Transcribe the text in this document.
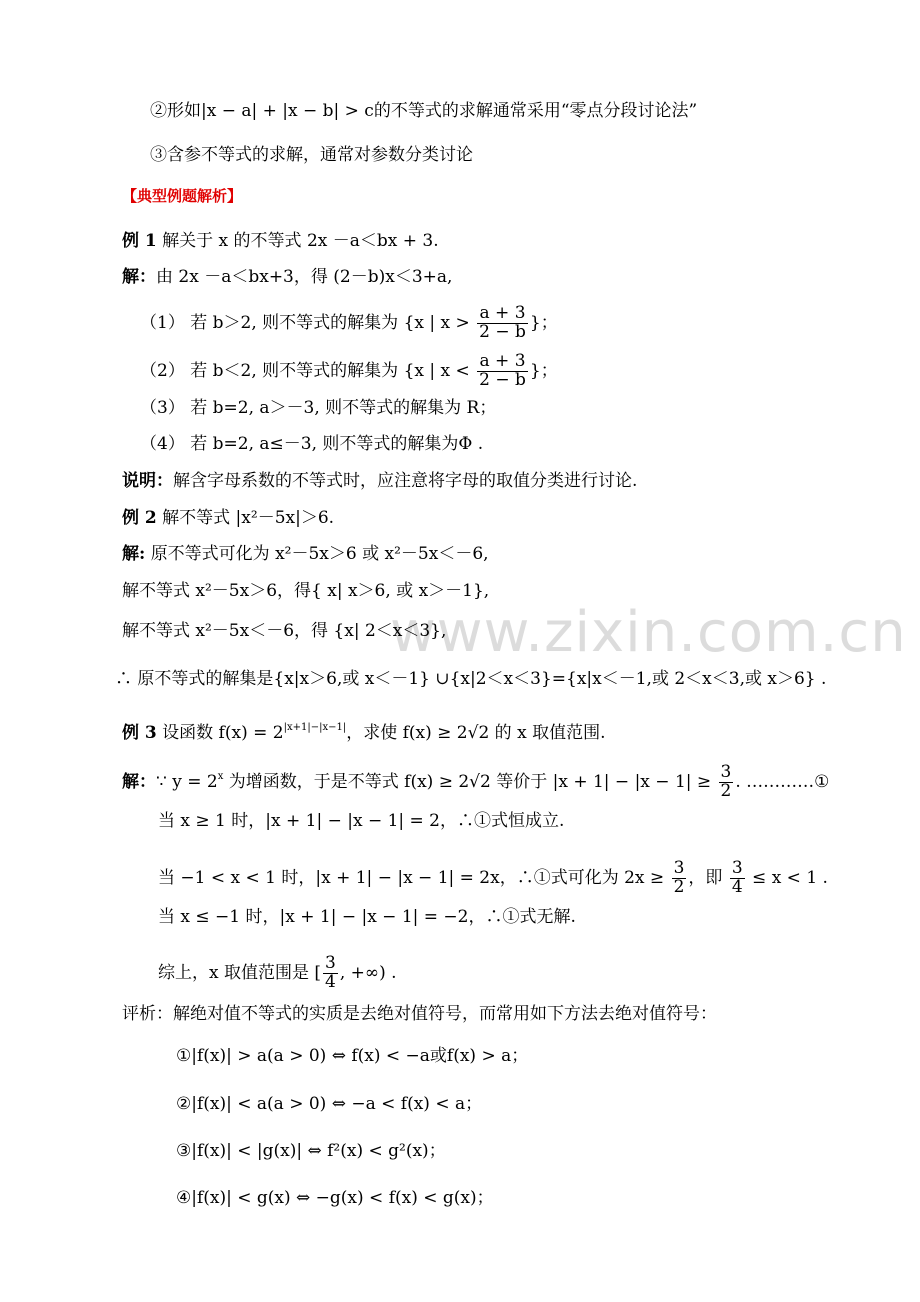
www.zixin.com.cn

②形如|x − a| + |x − b| > c的不等式的求解通常采用“零点分段讨论法”

③含参不等式的求解，通常对参数分类讨论

【典型例题解析】

例 1 解关于 x 的不等式 2x －a＜bx + 3.

解：由 2x －a＜bx+3，得 (2－b)x＜3+a,

（1） 若 b＞2, 则不等式的解集为 {x | $x > \frac{a + 3}{2 - b}$ }；

（2） 若 b＜2, 则不等式的解集为 {x | $x < \frac{a + 3}{2 - b}$ }；

（3） 若 b=2, a＞－3, 则不等式的解集为 R；

（4） 若 b=2, a≤－3, 则不等式的解集为Φ .

说明：解含字母系数的不等式时，应注意将字母的取值分类进行讨论.

例 2 解不等式 |x²－5x|＞6.

解: 原不等式可化为 x²－5x＞6 或 x²－5x＜－6,

解不等式 x²－5x＞6，得{ x| x＞6, 或 x＞－1},

解不等式 x²－5x＜－6，得 {x| 2＜x＜3},

∴ 原不等式的解集是{x|x＞6,或 x＜－1} ∪{x|2＜x＜3}={x|x＜－1,或 2＜x＜3,或 x＞6} .

例 3 设函数 $f(x) = 2^{|x+1|-|x-1|}$，求使 f(x) ≥ 2√2 的 x 取值范围.

解：∵ $y = 2^x$ 为增函数，于是不等式 f(x) ≥ 2√2 等价于 $|x + 1| - |x - 1| \ge \frac{3}{2}$ . …………①

当 x ≥ 1 时，|x + 1| − |x − 1| = 2，∴①式恒成立.

当 −1 < x < 1 时，|x + 1| − |x − 1| = 2x，∴①式可化为 $2x \ge \frac{3}{2}$ ，即 $\frac{3}{4} \le x < 1$ .

当 x ≤ −1 时，|x + 1| − |x − 1| = −2，∴①式无解.

综上，x 取值范围是 [ $\frac{3}{4}$ , +∞) .

评析：解绝对值不等式的实质是去绝对值符号，而常用如下方法去绝对值符号：

①|f(x)| > a(a > 0) ⇔ f(x) < −a或f(x) > a；

②|f(x)| < a(a > 0) ⇔ −a < f(x) < a；

③|f(x)| < |g(x)| ⇔ f²(x) < g²(x)；

④|f(x)| < g(x) ⇔ −g(x) < f(x) < g(x)；
